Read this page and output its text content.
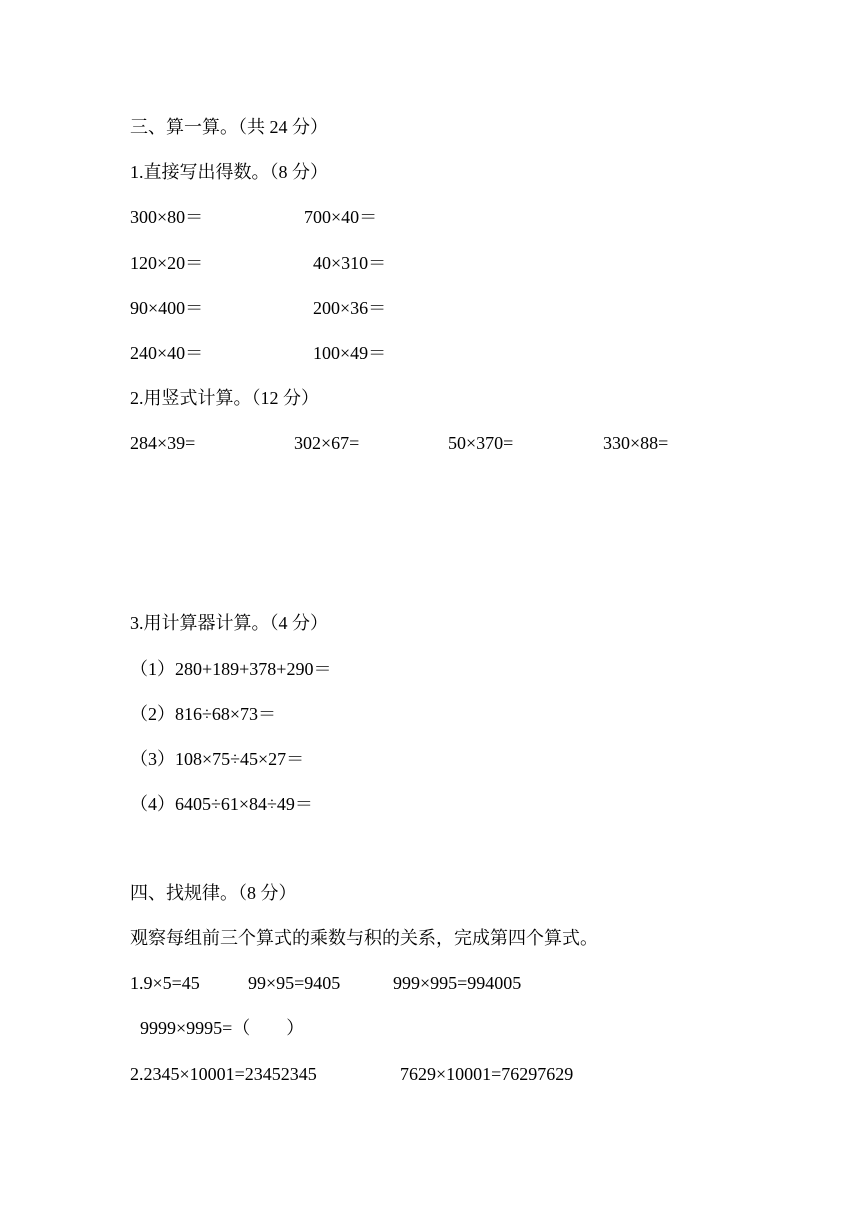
三、算一算。（共 24 分）
1.直接写出得数。（8 分）
300×80＝	700×40＝
120×20＝	40×310＝
90×400＝	200×36＝
240×40＝	100×49＝
2.用竖式计算。（12 分）
284×39=	302×67=	50×370=	330×88=
3.用计算器计算。（4 分）
（1）280+189+378+290＝
（2）816÷68×73＝
（3）108×75÷45×27＝
（4）6405÷61×84÷49＝
四、找规律。（8 分）
观察每组前三个算式的乘数与积的关系，完成第四个算式。
1.9×5=45	99×95=9405	999×995=994005
9999×9995=（　　）
2.2345×10001=23452345	7629×10001=76297629
